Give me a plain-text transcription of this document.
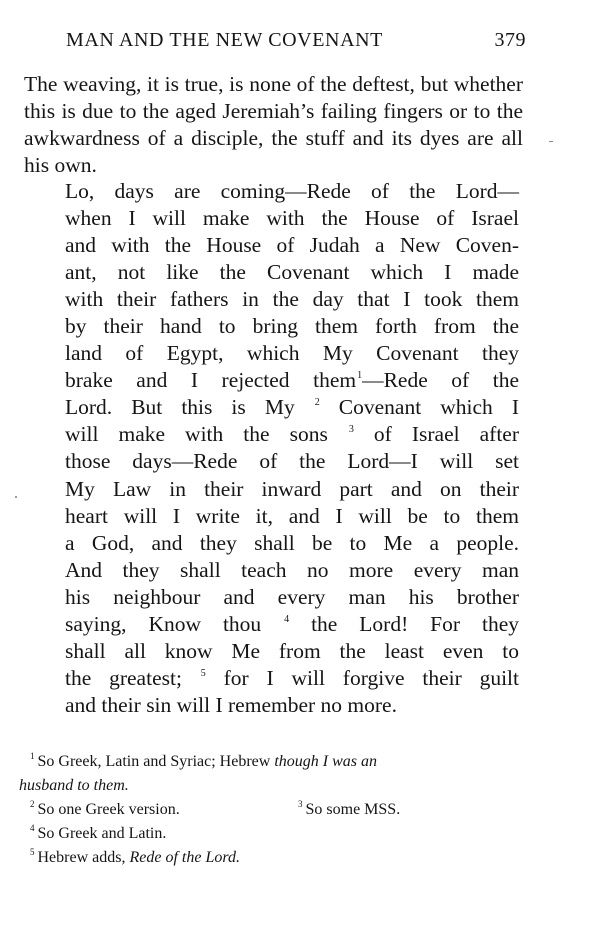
MAN AND THE NEW COVENANT	379

The weaving, it is true, is none of the deftest, but whether this is due to the aged Jeremiah’s failing fingers or to the awkwardness of a disciple, the stuff and its dyes are all his own.

Lo, days are coming—Rede of the Lord—
when I will make with the House of Israel
and with the House of Judah a New Coven-
ant, not like the Covenant which I made
with their fathers in the day that I took them
by their hand to bring them forth from the
land of Egypt, which My Covenant they
brake and I rejected them$^1$—Rede of the
Lord. But this is My $^2$ Covenant which I
will make with the sons $^3$ of Israel after
those days—Rede of the Lord—I will set
My Law in their inward part and on their
heart will I write it, and I will be to them
a God, and they shall be to Me a people.
And they shall teach no more every man
his neighbour and every man his brother
saying, Know thou $^4$ the Lord! For they
shall all know Me from the least even to
the greatest; $^5$ for I will forgive their guilt
and their sin will I remember no more.
$^1$ So Greek, Latin and Syriac; Hebrew though I was an
husband to them.
$^2$ So one Greek version.	$^3$ So some MSS.
$^4$ So Greek and Latin.
$^5$ Hebrew adds, Rede of the Lord.
